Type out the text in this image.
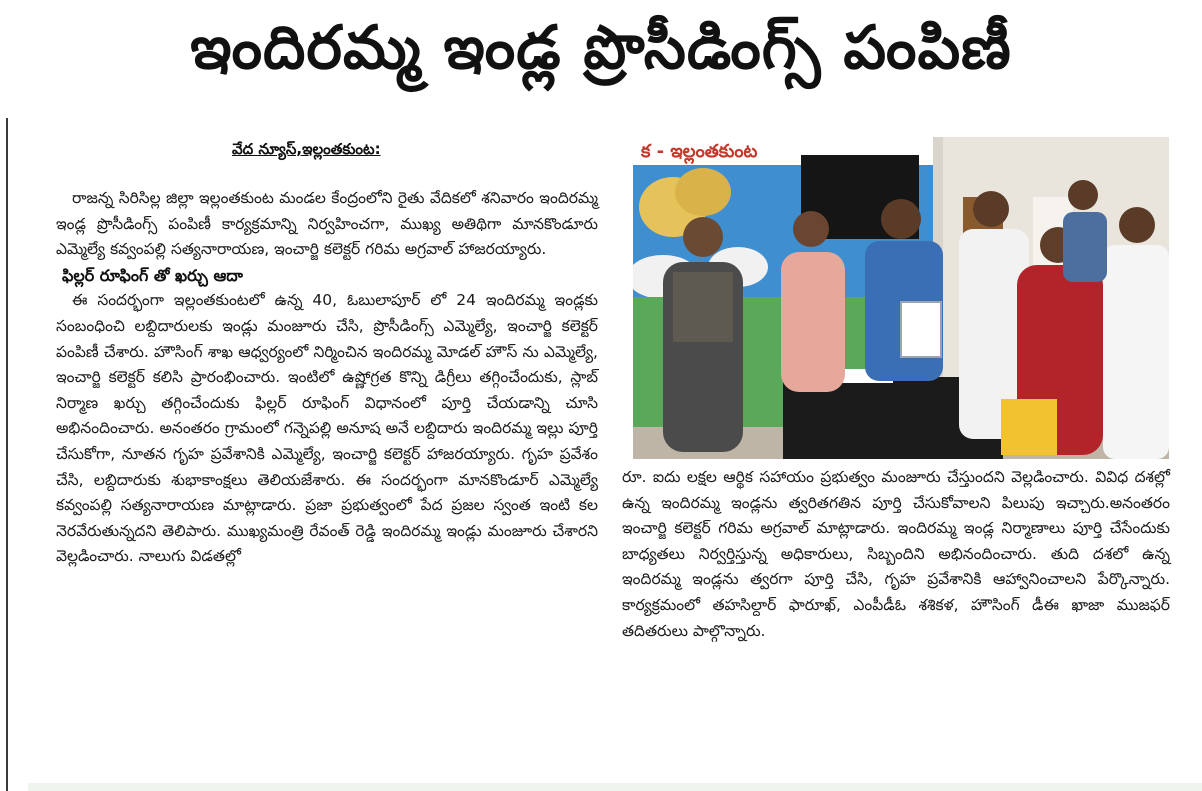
ఇందిరమ్మ ఇండ్ల ప్రొసీడింగ్స్ పంపిణీ
వేద న్యూస్,ఇల్లంతకుంట:

రాజన్న సిరిసిల్ల జిల్లా ఇల్లంతకుంట మండల కేంద్రంలోని రైతు వేదికలో శనివారం ఇందిరమ్మ ఇండ్ల ప్రొసీడింగ్స్ పంపిణీ కార్యక్రమాన్ని నిర్వహించగా, ముఖ్య అతిథిగా మానకొండూరు ఎమ్మెల్యే కవ్వంపల్లి సత్యనారాయణ, ఇంచార్జి కలెక్టర్ గరిమ అగ్రవాల్ హాజరయ్యారు.

ఫిల్లర్ రూఫింగ్ తో ఖర్చు ఆదా

ఈ సందర్భంగా ఇల్లంతకుంటలో ఉన్న 40, ఓబులాపూర్ లో 24 ఇందిరమ్మ ఇండ్లకు సంబంధించి లబ్దిదారులకు ఇండ్లు మంజూరు చేసి, ప్రొసీడింగ్స్ ఎమ్మెల్యే, ఇంచార్జి కలెక్టర్ పంపిణీ చేశారు. హౌసింగ్ శాఖ ఆధ్వర్యంలో నిర్మించిన ఇందిరమ్మ మోడల్ హౌస్ ను ఎమ్మెల్యే, ఇంచార్జి కలెక్టర్ కలిసి ప్రారంభించారు. ఇంటిలో ఉష్ణోగ్రత కొన్ని డిగ్రీలు తగ్గించేందుకు, స్లాబ్ నిర్మాణ ఖర్చు తగ్గించేందుకు ఫిల్లర్ రూఫింగ్ విధానంలో పూర్తి చేయడాన్ని చూసి అభినందించారు. అనంతరం గ్రామంలో గన్నెపల్లి అనూష అనే లబ్దిదారు ఇందిరమ్మ ఇల్లు పూర్తి చేసుకోగా, నూతన గృహ ప్రవేశానికి ఎమ్మెల్యే, ఇంచార్జి కలెక్టర్ హాజరయ్యారు. గృహ ప్రవేశం చేసి, లబ్దిదారుకు శుభాకాంక్షలు తెలియజేశారు. ఈ సందర్భంగా మానకొండూర్ ఎమ్మెల్యే కవ్వంపల్లి సత్యనారాయణ మాట్లాడారు. ప్రజా ప్రభుత్వంలో పేద ప్రజల స్వంత ఇంటి కల నెరవేరుతున్నదని తెలిపారు. ముఖ్యమంత్రి రేవంత్ రెడ్డి ఇందిరమ్మ ఇండ్లు మంజూరు చేశారని వెల్లడించారు. నాలుగు విడతల్లో

క - ఇల్లంతకుంట

రూ. ఐదు లక్షల ఆర్థిక సహాయం ప్రభుత్వం మంజూరు చేస్తుందని వెల్లడించారు. వివిధ దశల్లో ఉన్న ఇందిరమ్మ ఇండ్లను త్వరితగతిన పూర్తి చేసుకోవాలని పిలుపు ఇచ్చారు.అనంతరం ఇంచార్జి కలెక్టర్ గరిమ అగ్రవాల్ మాట్లాడారు. ఇందిరమ్మ ఇండ్ల నిర్మాణాలు పూర్తి చేసేందుకు బాధ్యతలు నిర్వర్తిస్తున్న అధికారులు, సిబ్బందిని అభినందించారు. తుది దశలో ఉన్న ఇందిరమ్మ ఇండ్లను త్వరగా పూర్తి చేసి, గృహ ప్రవేశానికి ఆహ్వానించాలని పేర్కొన్నారు. కార్యక్రమంలో తహసిల్దార్ ఫారూఖ్, ఎంపీడీఓ శశికళ, హౌసింగ్ డీఈ ఖాజా ముజఫర్ తదితరులు పాల్గొన్నారు.
